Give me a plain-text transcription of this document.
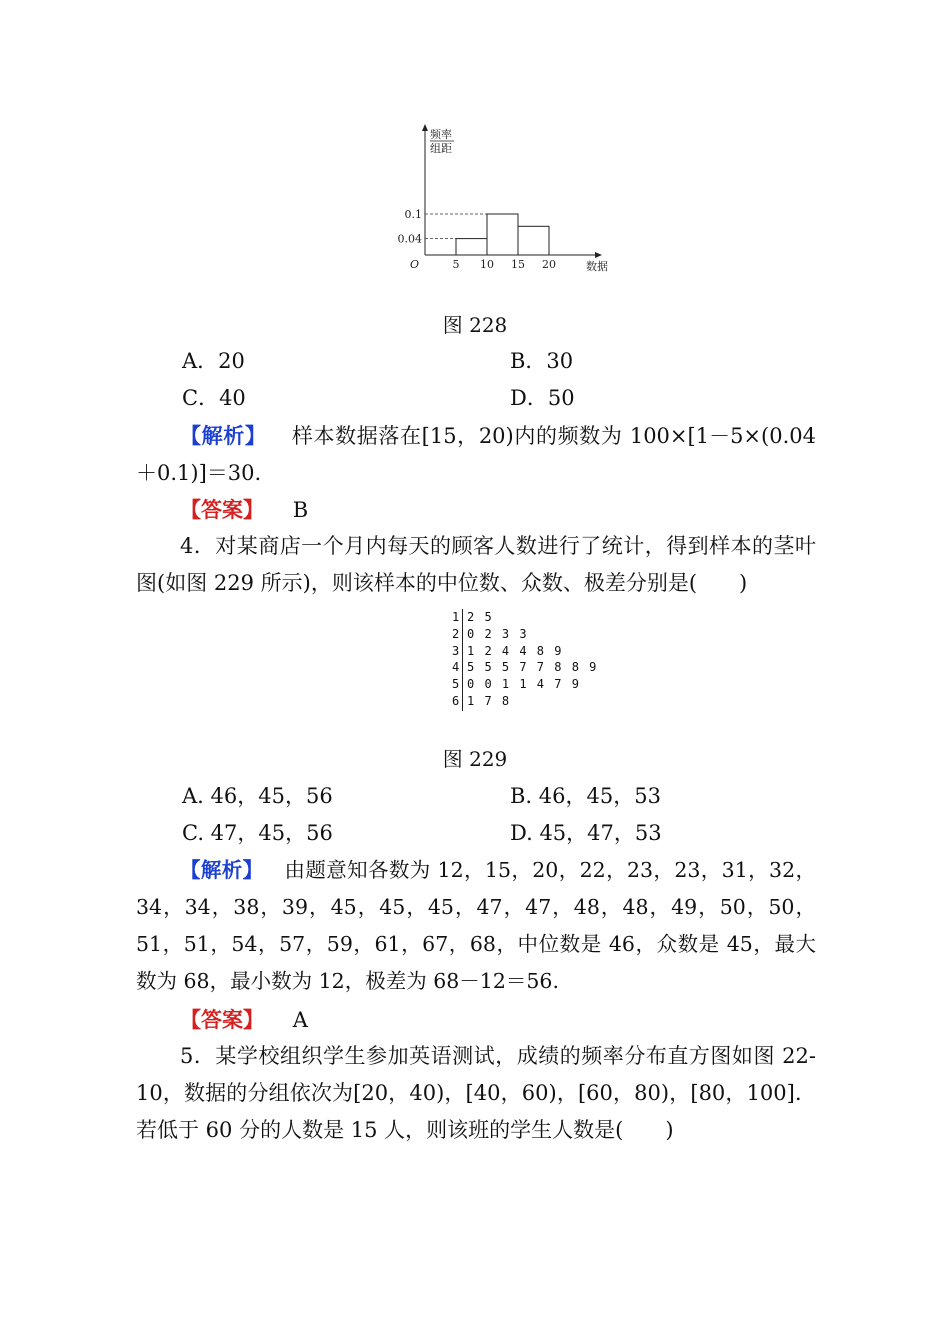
5 10 15 20
0.1
0.04
O
频率
组距
数据
图 228
A．20	B．30
C．40	D．50
【解析】 样本数据落在[15，20)内的频数为 100×[1－5×(0.04＋0.1)]＝30.
【答案】 B
4．对某商店一个月内每天的顾客人数进行了统计，得到样本的茎叶图(如图 229 所示)，则该样本的中位数、众数、极差分别是(　　)
1 2 5
2 0 2 3 3
3 1 2 4 4 8 9
4 5 5 5 7 7 8 8 9
5 0 0 1 1 4 7 9
6 1 7 8
图 229
A. 46，45，56	B. 46，45，53
C. 47，45，56	D. 45，47，53
【解析】 由题意知各数为 12，15，20，22，23，23，31，32，34，34，38，39，45，45，45，47，47，48，48，49，50，50，51，51，54，57，59，61，67，68，中位数是 46，众数是 45，最大数为 68，最小数为 12，极差为 68－12＝56.
【答案】 A
5．某学校组织学生参加英语测试，成绩的频率分布直方图如图 22-10，数据的分组依次为[20，40)，[40，60)，[60，80)，[80，100]．若低于 60 分的人数是 15 人，则该班的学生人数是(　　)
